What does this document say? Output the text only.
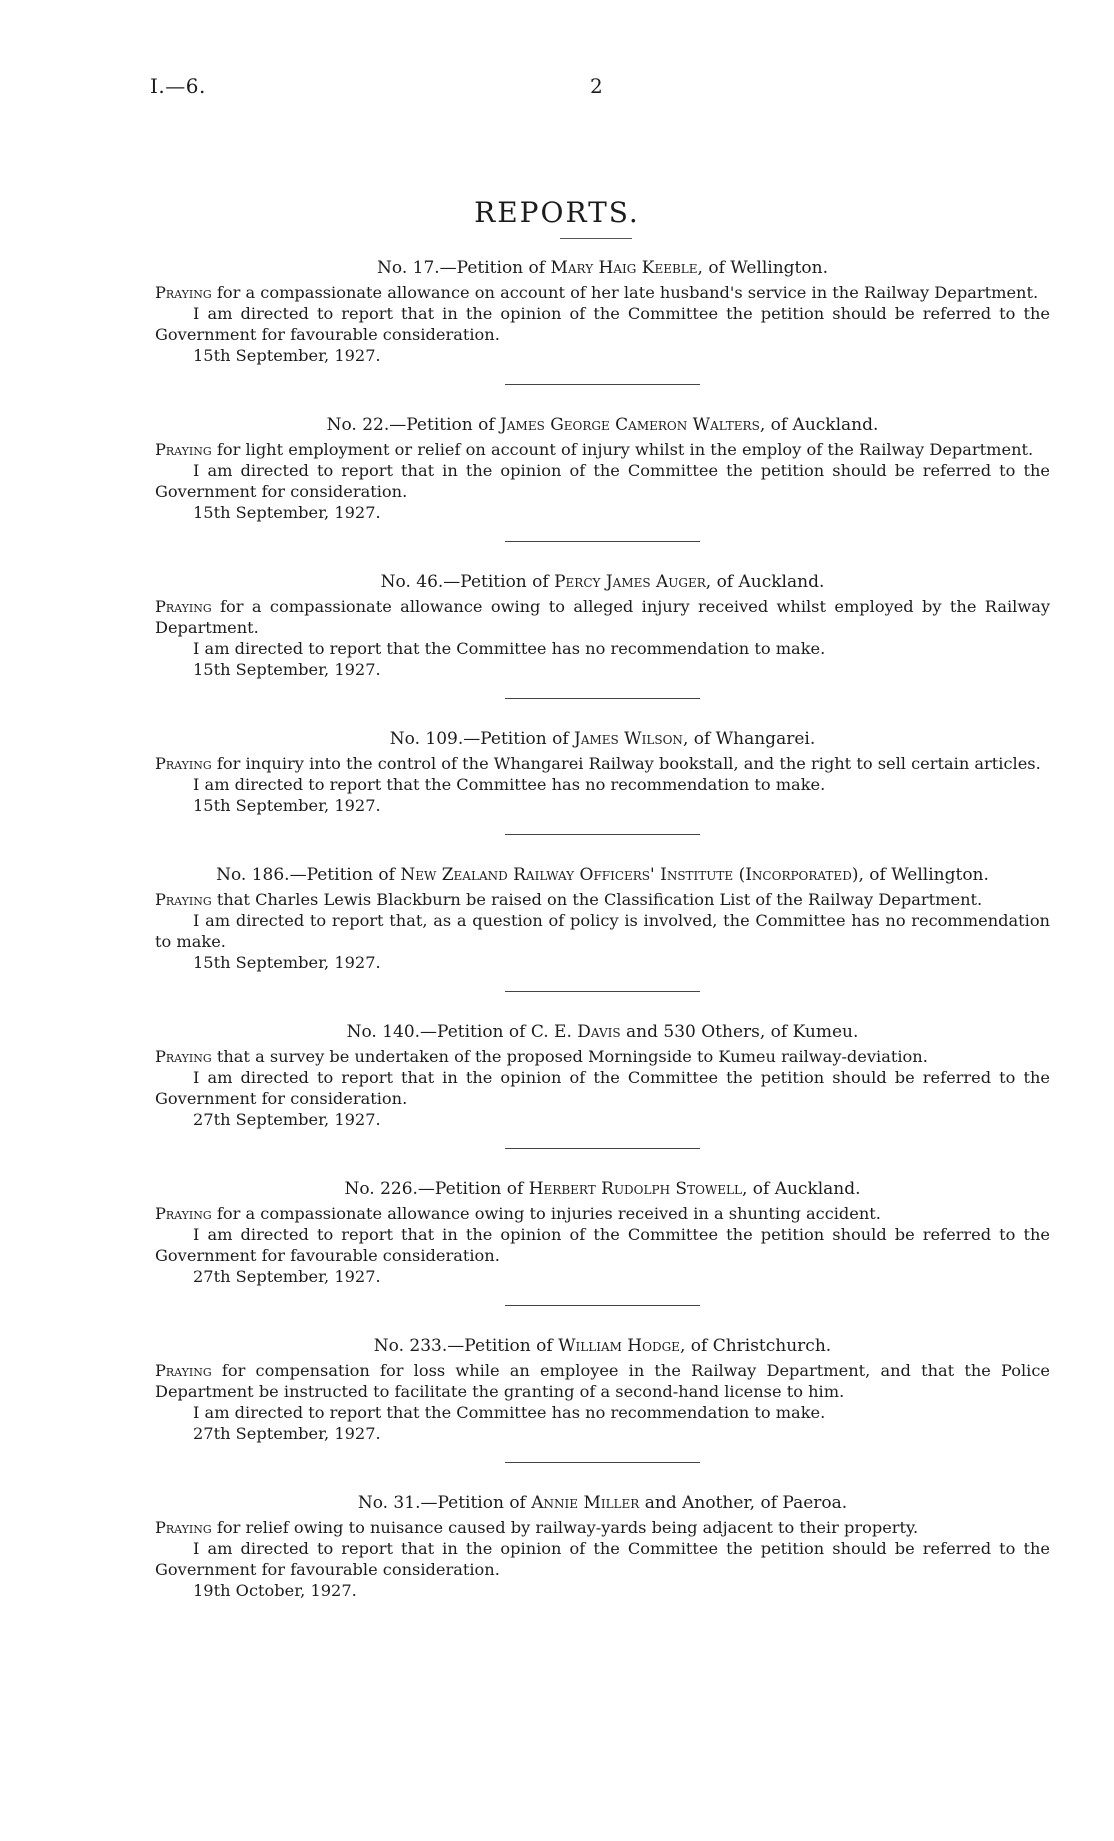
I.—6.	2
REPORTS.
No. 17.—Petition of Mary Haig Keeble, of Wellington.
Praying for a compassionate allowance on account of her late husband's service in the Railway Department.
I am directed to report that in the opinion of the Committee the petition should be referred to the Government for favourable consideration.
15th September, 1927.
No. 22.—Petition of James George Cameron Walters, of Auckland.
Praying for light employment or relief on account of injury whilst in the employ of the Railway Department.
I am directed to report that in the opinion of the Committee the petition should be referred to the Government for consideration.
15th September, 1927.
No. 46.—Petition of Percy James Auger, of Auckland.
Praying for a compassionate allowance owing to alleged injury received whilst employed by the Railway Department.
I am directed to report that the Committee has no recommendation to make.
15th September, 1927.
No. 109.—Petition of James Wilson, of Whangarei.
Praying for inquiry into the control of the Whangarei Railway bookstall, and the right to sell certain articles.
I am directed to report that the Committee has no recommendation to make.
15th September, 1927.
No. 186.—Petition of New Zealand Railway Officers' Institute (Incorporated), of Wellington.
Praying that Charles Lewis Blackburn be raised on the Classification List of the Railway Department.
I am directed to report that, as a question of policy is involved, the Committee has no recommendation to make.
15th September, 1927.
No. 140.—Petition of C. E. Davis and 530 Others, of Kumeu.
Praying that a survey be undertaken of the proposed Morningside to Kumeu railway-deviation.
I am directed to report that in the opinion of the Committee the petition should be referred to the Government for consideration.
27th September, 1927.
No. 226.—Petition of Herbert Rudolph Stowell, of Auckland.
Praying for a compassionate allowance owing to injuries received in a shunting accident.
I am directed to report that in the opinion of the Committee the petition should be referred to the Government for favourable consideration.
27th September, 1927.
No. 233.—Petition of William Hodge, of Christchurch.
Praying for compensation for loss while an employee in the Railway Department, and that the Police Department be instructed to facilitate the granting of a second-hand license to him.
I am directed to report that the Committee has no recommendation to make.
27th September, 1927.
No. 31.—Petition of Annie Miller and Another, of Paeroa.
Praying for relief owing to nuisance caused by railway-yards being adjacent to their property.
I am directed to report that in the opinion of the Committee the petition should be referred to the Government for favourable consideration.
19th October, 1927.
